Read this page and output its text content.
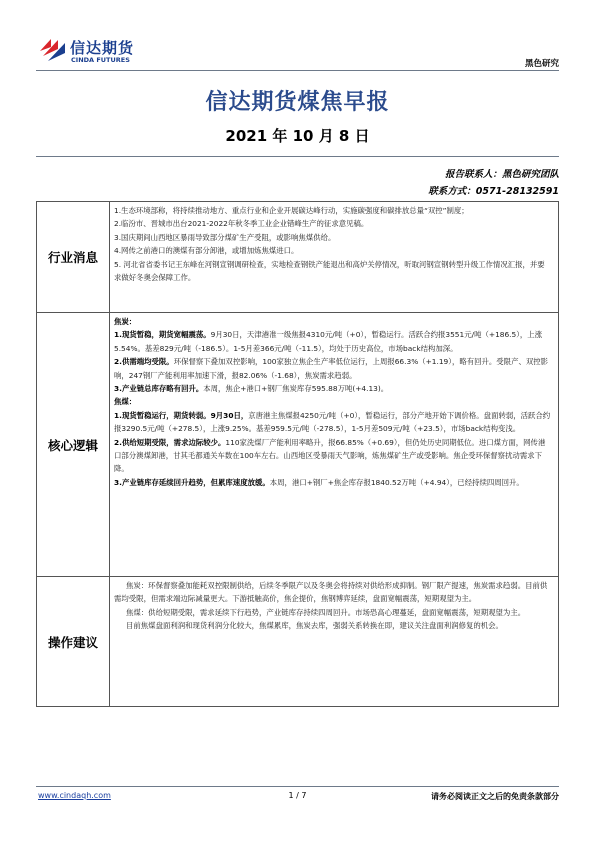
信达期货
CINDA FUTURES	黑色研究
信达期货煤焦早报
2021 年 10 月 8 日
报告联系人：黑色研究团队
联系方式：0571-28132591
行业消息

1.生态环境部称，将持续推动地方、重点行业和企业开展碳达峰行动，实施碳强度和碳排放总量“双控”制度；

2.临汾市、晋城市出台2021-2022年秋冬季工业企业错峰生产的征求意见稿。

3.国庆期间山西地区暴雨导致部分煤矿生产受阻，或影响焦煤供给。

4.网传之前港口的澳煤有部分卸港，或增加炼焦煤进口。

5. 河北省省委书记王东峰在河钢宣钢调研检查，实地检查钢铁产能退出和高炉关停情况，听取河钢宣钢转型升级工作情况汇报，并要求做好冬奥会保障工作。

核心逻辑

焦炭：

1.现货暂稳，期货宽幅震荡。9月30日，天津港准一级焦报4310元/吨（+0），暂稳运行。活跃合约报3551元/吨（+186.5），上涨5.54%。基差829元/吨（-186.5）。1-5月差366元/吨（-11.5），均处于历史高位，市场back结构加深。

2.供需端均受限。环保督察下叠加双控影响，100家独立焦企生产率低位运行，上周报66.3%（+1.19），略有回升。受限产、双控影响，247钢厂产能利用率加速下滑，报82.06%（-1.68），焦炭需求趋弱。

3.产业链总库存略有回升。本周，焦企+港口+钢厂焦炭库存595.88万吨(+4.13)。

焦煤：

1.现货暂稳运行，期货转弱。9月30日，京唐港主焦煤报4250元/吨（+0），暂稳运行，部分产地开始下调价格。盘面转弱，活跃合约报3290.5元/吨（+278.5），上涨9.25%。基差959.5元/吨（-278.5），1-5月差509元/吨（+23.5），市场back结构变浅。

2.供给短期受限，需求边际较少。110家洗煤厂产能利用率略升，报66.85%（+0.69），但仍处历史同期低位。进口煤方面，网传港口部分澳煤卸港，甘其毛都通关车数在100车左右。山西地区受暴雨天气影响，炼焦煤矿生产或受影响。焦企受环保督察扰动需求下降。

3.产业链库存延续回升趋势，但累库速度放缓。本周，港口+钢厂+焦企库存报1840.52万吨（+4.94），已经持续四周回升。

操作建议

焦炭：环保督察叠加能耗双控限制供给，后续冬季限产以及冬奥会将持续对供给形成抑制。钢厂限产提速，焦炭需求趋弱。目前供需均受限，但需求端边际减量更大。下游抵触高价，焦企提价，焦钢博弈延续，盘面宽幅震荡，短期观望为主。

焦煤：供给短期受限，需求延续下行趋势，产业链库存持续四周回升。市场恐高心理蔓延，盘面宽幅震荡，短期观望为主。

目前焦煤盘面利润和现货利润分化较大，焦煤累库，焦炭去库，强弱关系转换在即，建议关注盘面利润修复的机会。

www.cindaqh.com	1 / 7	请务必阅读正文之后的免责条款部分
